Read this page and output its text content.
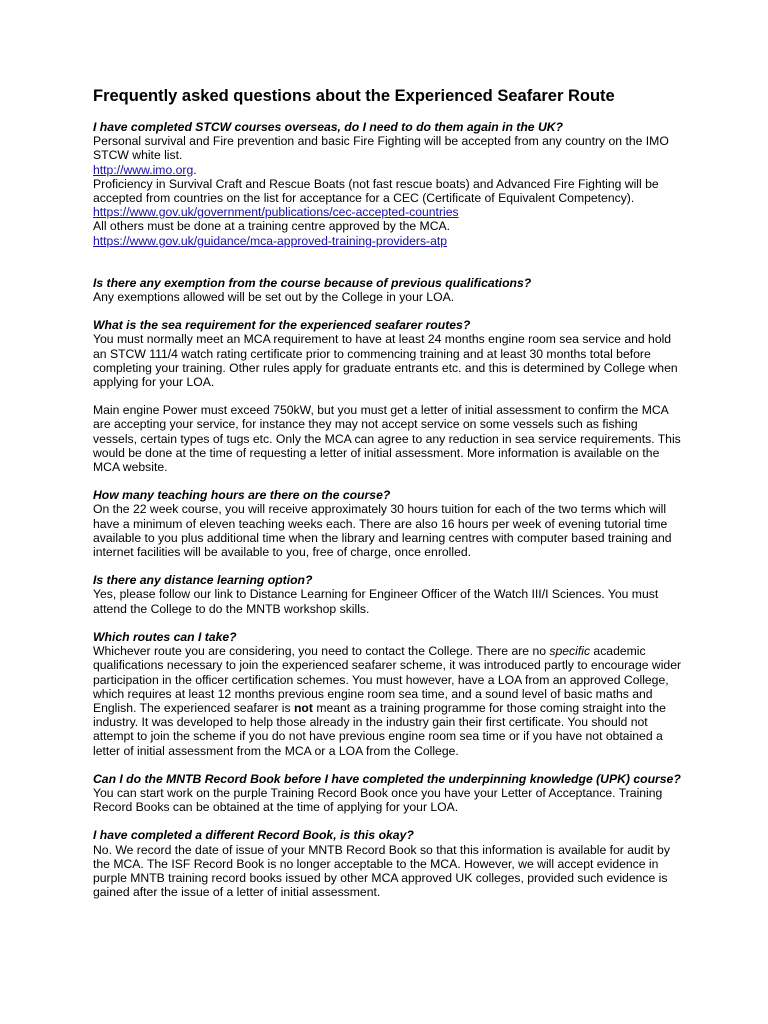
Frequently asked questions about the Experienced Seafarer Route

I have completed STCW courses overseas, do I need to do them again in the UK?

Personal survival and Fire prevention and basic Fire Fighting will be accepted from any country on the IMO STCW white list.

http://www.imo.org.

Proficiency in Survival Craft and Rescue Boats (not fast rescue boats) and Advanced Fire Fighting will be accepted from countries on the list for acceptance for a CEC (Certificate of Equivalent Competency).

https://www.gov.uk/government/publications/cec-accepted-countries

All others must be done at a training centre approved by the MCA.

https://www.gov.uk/guidance/mca-approved-training-providers-atp

Is there any exemption from the course because of previous qualifications?

Any exemptions allowed will be set out by the College in your LOA.

What is the sea requirement for the experienced seafarer routes?

You must normally meet an MCA requirement to have at least 24 months engine room sea service and hold an STCW 111/4 watch rating certificate prior to commencing training and at least 30 months total before completing your training. Other rules apply for graduate entrants etc. and this is determined by College when applying for your LOA.

Main engine Power must exceed 750kW, but you must get a letter of initial assessment to confirm the MCA are accepting your service, for instance they may not accept service on some vessels such as fishing vessels, certain types of tugs etc. Only the MCA can agree to any reduction in sea service requirements. This would be done at the time of requesting a letter of initial assessment. More information is available on the MCA website.

How many teaching hours are there on the course?

On the 22 week course, you will receive approximately 30 hours tuition for each of the two terms which will have a minimum of eleven teaching weeks each. There are also 16 hours per week of evening tutorial time available to you plus additional time when the library and learning centres with computer based training and internet facilities will be available to you, free of charge, once enrolled.

Is there any distance learning option?

Yes, please follow our link to Distance Learning for Engineer Officer of the Watch III/I Sciences. You must attend the College to do the MNTB workshop skills.

Which routes can I take?

Whichever route you are considering, you need to contact the College. There are no specific academic qualifications necessary to join the experienced seafarer scheme, it was introduced partly to encourage wider participation in the officer certification schemes. You must however, have a LOA from an approved College, which requires at least 12 months previous engine room sea time, and a sound level of basic maths and English. The experienced seafarer is not meant as a training programme for those coming straight into the industry. It was developed to help those already in the industry gain their first certificate. You should not attempt to join the scheme if you do not have previous engine room sea time or if you have not obtained a letter of initial assessment from the MCA or a LOA from the College.

Can I do the MNTB Record Book before I have completed the underpinning knowledge (UPK) course?

You can start work on the purple Training Record Book once you have your Letter of Acceptance. Training Record Books can be obtained at the time of applying for your LOA.

I have completed a different Record Book, is this okay?

No. We record the date of issue of your MNTB Record Book so that this information is available for audit by the MCA. The ISF Record Book is no longer acceptable to the MCA. However, we will accept evidence in purple MNTB training record books issued by other MCA approved UK colleges, provided such evidence is gained after the issue of a letter of initial assessment.
